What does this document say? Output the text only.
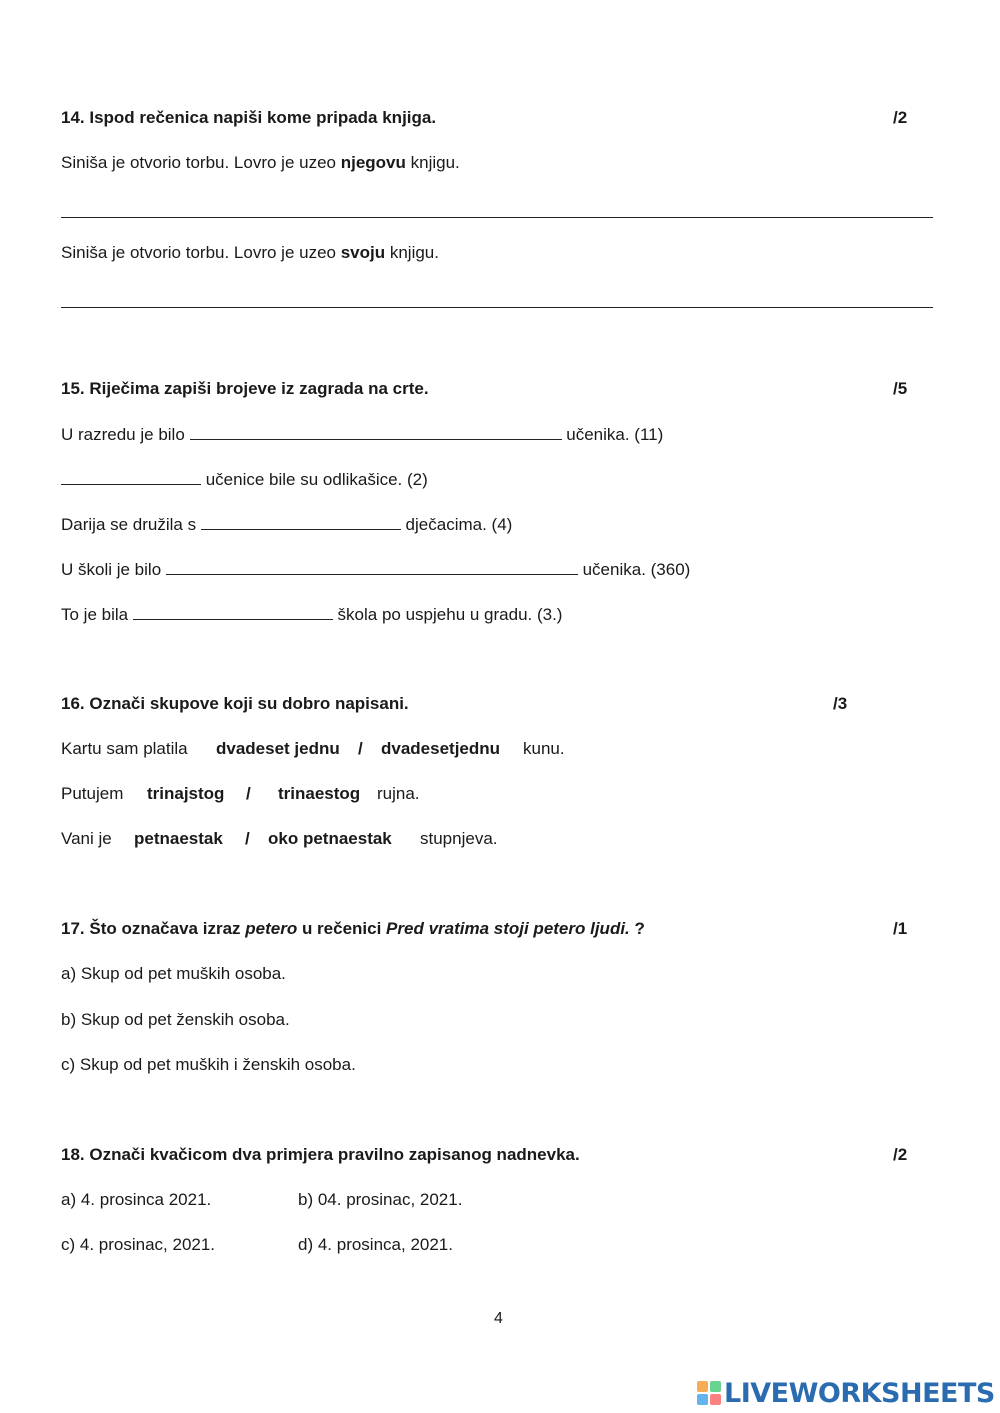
14. Ispod rečenica napiši kome pripada knjiga.	/2
Siniša je otvorio torbu. Lovro je uzeo njegovu knjigu.
Siniša je otvorio torbu. Lovro je uzeo svoju knjigu.
15. Riječima zapiši brojeve iz zagrada na crte.	/5
U razredu je bilo	učenika. (11)
učenice bile su odlikašice. (2)
Darija se družila s	dječacima. (4)
U školi je bilo	učenika. (360)
To je bila	škola po uspjehu u gradu. (3.)
16. Označi skupove koji su dobro napisani.	/3
Kartu sam platila dvadeset jednu / dvadesetjednu kunu.
Putujem trinajstog / trinaestog rujna.
Vani je petnaestak / oko petnaestak stupnjeva.
17. Što označava izraz petero u rečenici Pred vratima stoji petero ljudi. ?	/1
a) Skup od pet muških osoba.
b) Skup od pet ženskih osoba.
c) Skup od pet muških i ženskih osoba.
18. Označi kvačicom dva primjera pravilno zapisanog nadnevka.	/2
a) 4. prosinca 2021.	b) 04. prosinac, 2021.
c) 4. prosinac, 2021.	d) 4. prosinca, 2021.
4
LIVEWORKSHEETS
